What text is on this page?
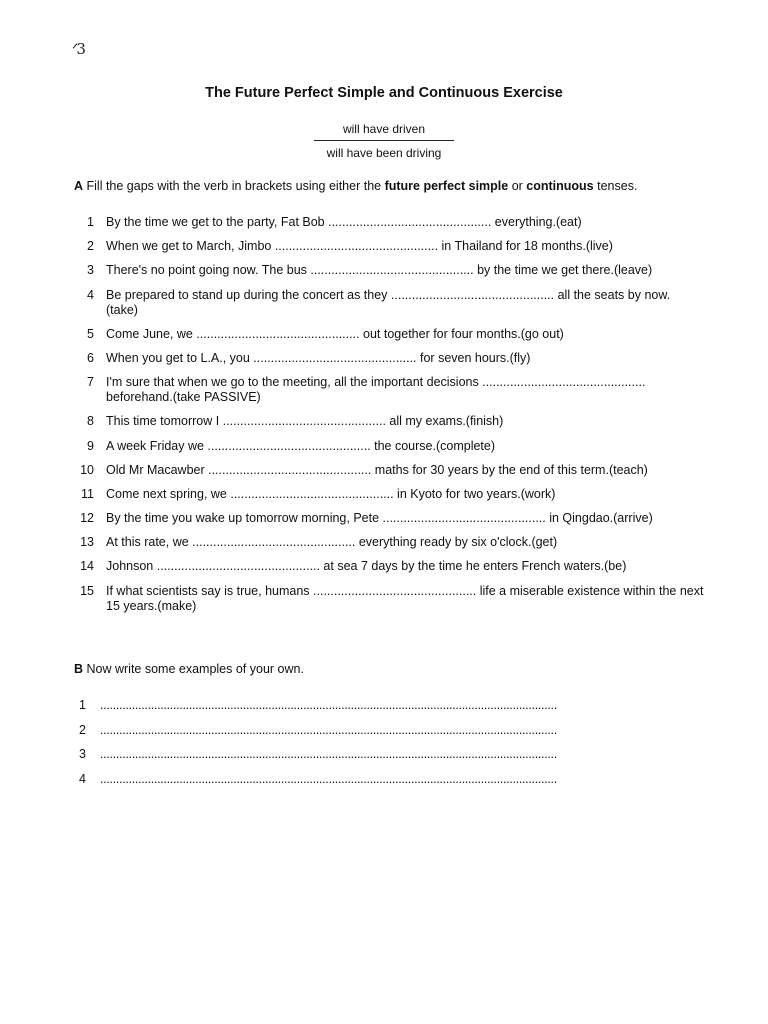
ᐟ3
The Future Perfect Simple and Continuous Exercise
will have driven
will have been driving
A Fill the gaps with the verb in brackets using either the future perfect simple or continuous tenses.
1 By the time we get to the party, Fat Bob ............................................... everything.(eat)
2 When we get to March, Jimbo ............................................... in Thailand for 18 months.(live)
3 There's no point going now. The bus ............................................... by the time we get there.(leave)
4 Be prepared to stand up during the concert as they ............................................... all the seats by now. (take)
5 Come June, we ............................................... out together for four months.(go out)
6 When you get to L.A., you ............................................... for seven hours.(fly)
7 I'm sure that when we go to the meeting, all the important decisions ............................................... beforehand.(take PASSIVE)
8 This time tomorrow I ............................................... all my exams.(finish)
9 A week Friday we ............................................... the course.(complete)
10 Old Mr Macawber ............................................... maths for 30 years by the end of this term.(teach)
11 Come next spring, we ............................................... in Kyoto for two years.(work)
12 By the time you wake up tomorrow morning, Pete ............................................... in Qingdao.(arrive)
13 At this rate, we ............................................... everything ready by six o'clock.(get)
14 Johnson ............................................... at sea 7 days by the time he enters French waters.(be)
15 If what scientists say is true, humans ............................................... life a miserable existence within the next 15 years.(make)
B Now write some examples of your own.
1	................................................................................................................................................
2	................................................................................................................................................
3	................................................................................................................................................
4	................................................................................................................................................
